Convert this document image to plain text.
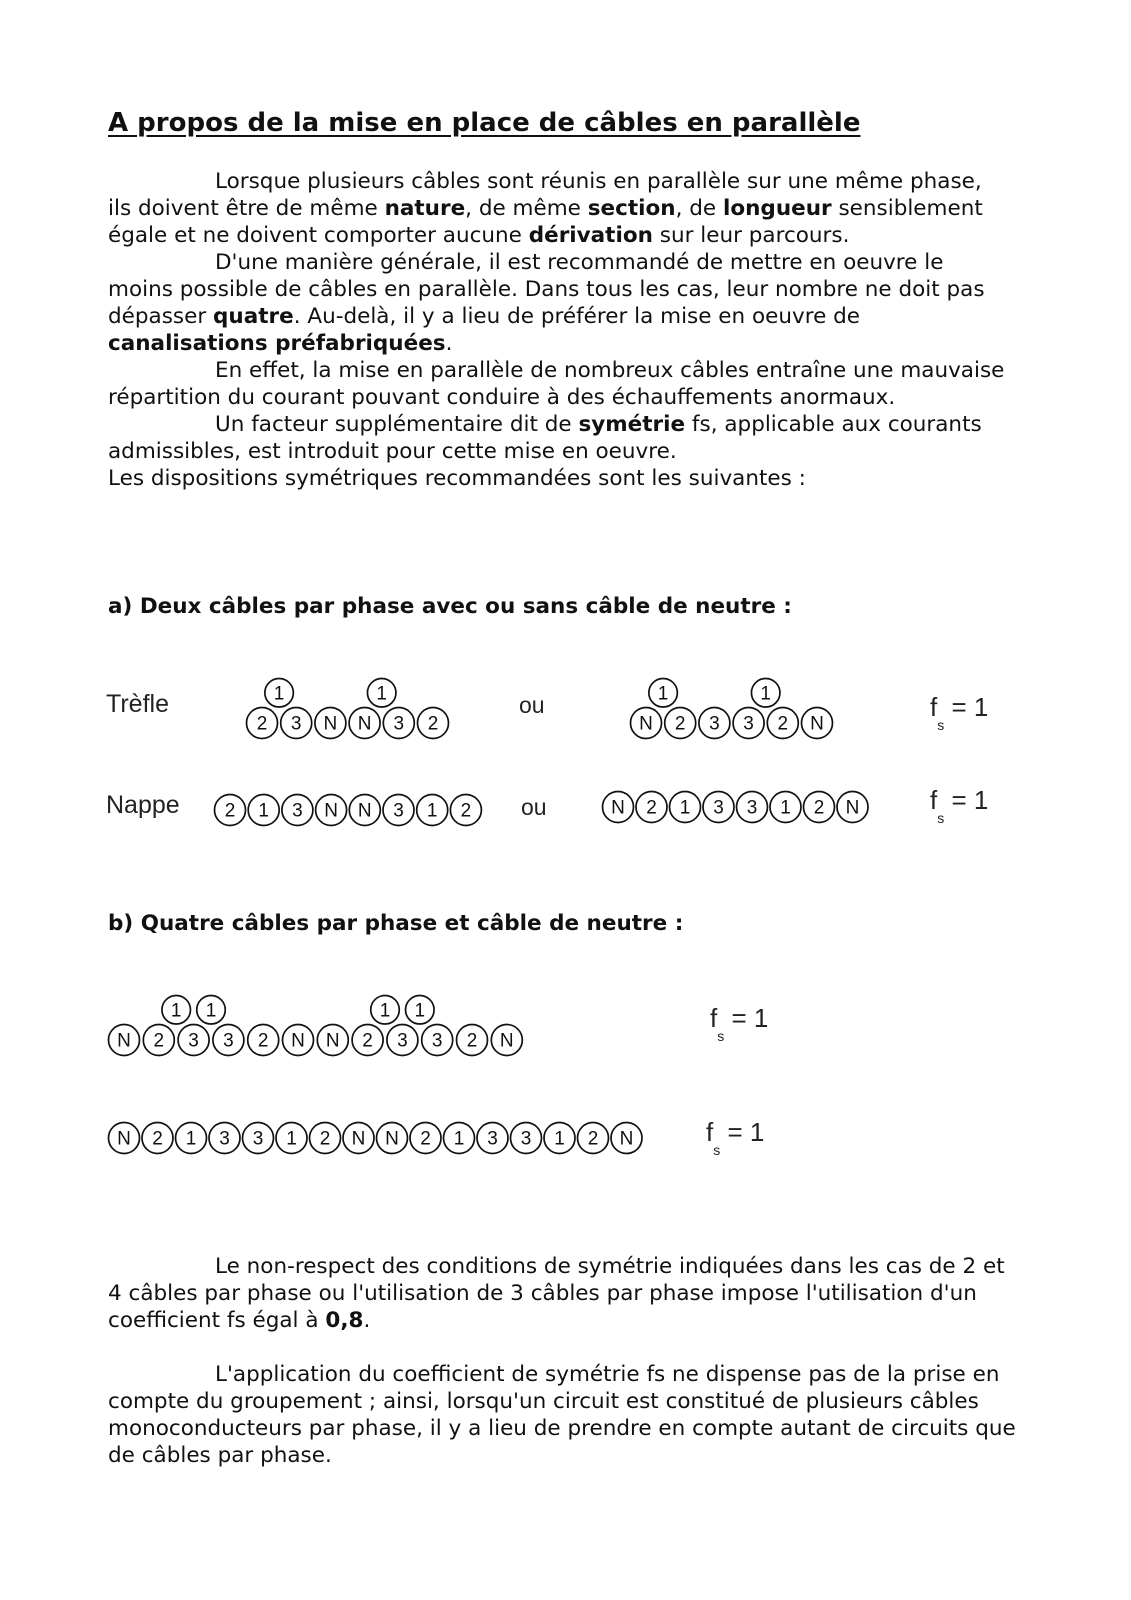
A propos de la mise en place de câbles en parallèle

Lorsque plusieurs câbles sont réunis en parallèle sur une même phase, ils doivent être de même nature, de même section, de longueur sensiblement égale et ne doivent comporter aucune dérivation sur leur parcours.

D'une manière générale, il est recommandé de mettre en oeuvre le moins possible de câbles en parallèle. Dans tous les cas, leur nombre ne doit pas dépasser quatre. Au-delà, il y a lieu de préférer la mise en oeuvre de canalisations préfabriquées.

En effet, la mise en parallèle de nombreux câbles entraîne une mauvaise répartition du courant pouvant conduire à des échauffements anormaux.

Un facteur supplémentaire dit de symétrie fs, applicable aux courants admissibles, est introduit pour cette mise en oeuvre.

Les dispositions symétriques recommandées sont les suivantes :

a) Deux câbles par phase avec ou sans câble de neutre :
Trèfle
2 3 N N 3 2
1	1	ou
N 2 3 3 2 N
1	1	$f_s = 1$
Nappe 2 1 3 N N 3 1 2 ou	N 2 1 3 3 1 2 N	$f_s = 1$
b) Quatre câbles par phase et câble de neutre :
N 2 3 3 2 N N 2 3 3 2 N
1 1	1 1	$f_s = 1$
N 2 1 3 3 1 2 N N 2 1 3 3 1 2 N	$f_s = 1$

Le non-respect des conditions de symétrie indiquées dans les cas de 2 et 4 câbles par phase ou l'utilisation de 3 câbles par phase impose l'utilisation d'un coefficient fs égal à 0,8.

L'application du coefficient de symétrie fs ne dispense pas de la prise en compte du groupement ; ainsi, lorsqu'un circuit est constitué de plusieurs câbles monoconducteurs par phase, il y a lieu de prendre en compte autant de circuits que de câbles par phase.
